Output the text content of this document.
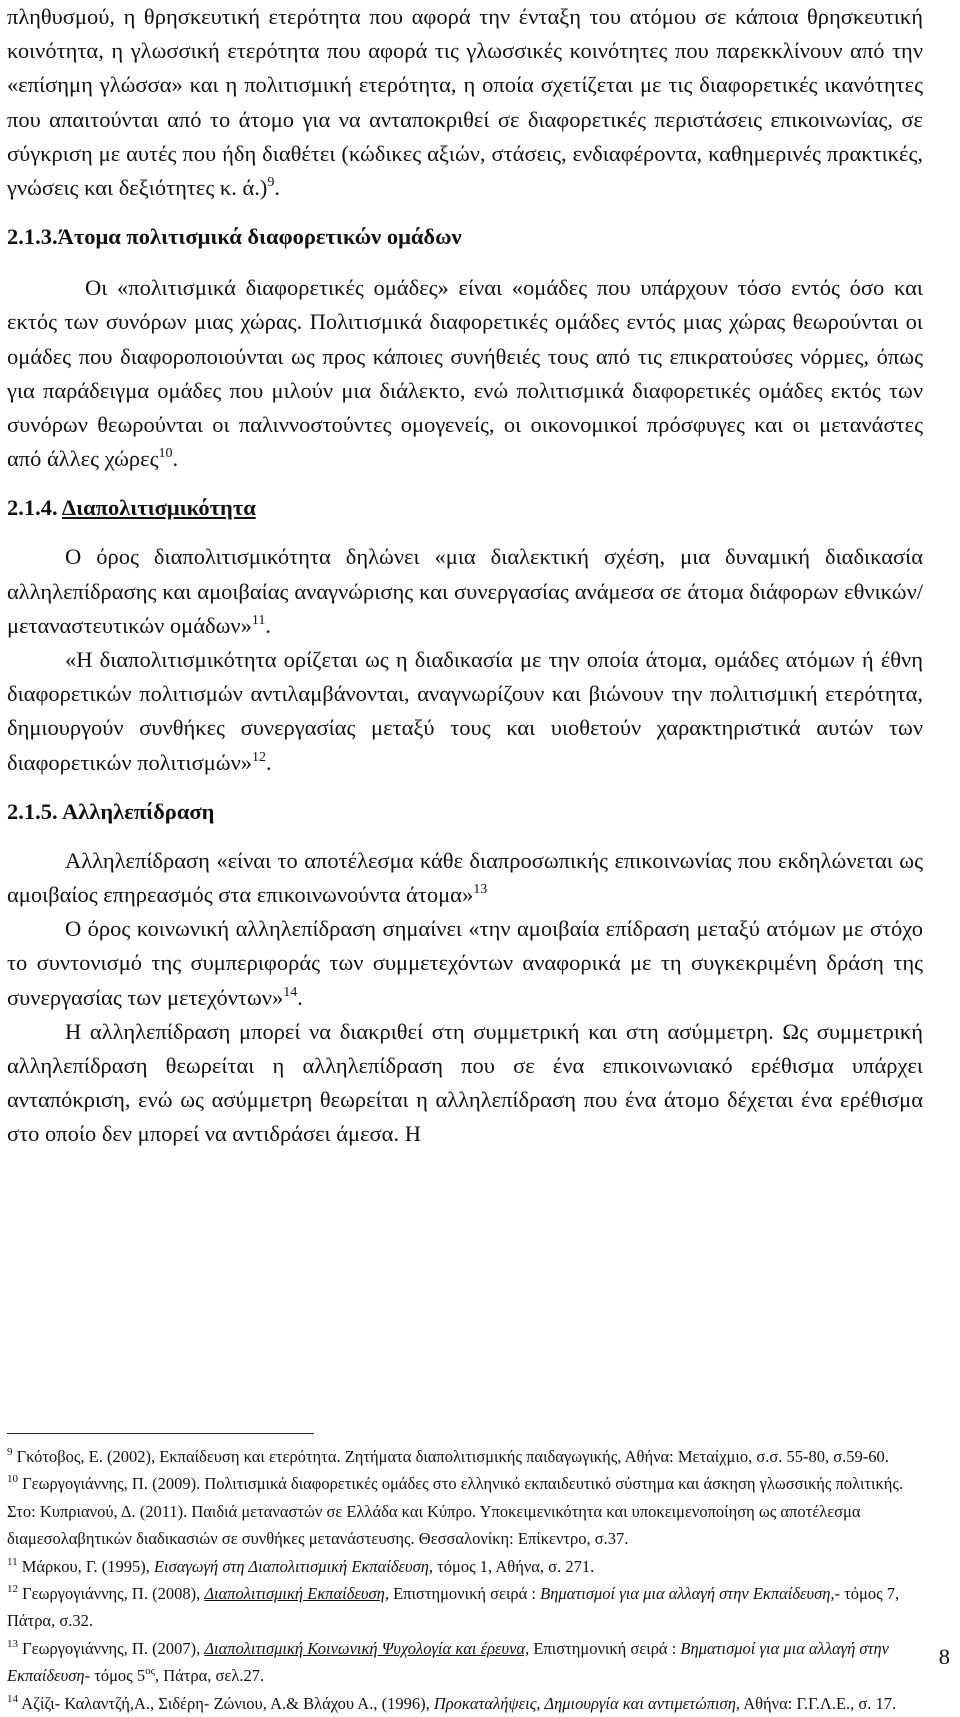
πληθυσμού, η θρησκευτική ετερότητα που αφορά την ένταξη του ατόμου σε κάποια θρησκευτική κοινότητα, η γλωσσική ετερότητα που αφορά τις γλωσσικές κοινότητες που παρεκκλίνουν από την «επίσημη γλώσσα» και η πολιτισμική ετερότητα, η οποία σχετίζεται με τις διαφορετικές ικανότητες που απαιτούνται από το άτομο για να ανταποκριθεί σε διαφορετικές περιστάσεις επικοινωνίας, σε σύγκριση με αυτές που ήδη διαθέτει (κώδικες αξιών, στάσεις, ενδιαφέροντα, καθημερινές πρακτικές, γνώσεις και δεξιότητες κ. ά.)$^9$.

2.1.3.Άτομα πολιτισμικά διαφορετικών ομάδων

Οι «πολιτισμικά διαφορετικές ομάδες» είναι «ομάδες που υπάρχουν τόσο εντός όσο και εκτός των συνόρων μιας χώρας. Πολιτισμικά διαφορετικές ομάδες εντός μιας χώρας θεωρούνται οι ομάδες που διαφοροποιούνται ως προς κάποιες συνήθειές τους από τις επικρατούσες νόρμες, όπως για παράδειγμα ομάδες που μιλούν μια διάλεκτο, ενώ πολιτισμικά διαφορετικές ομάδες εκτός των συνόρων θεωρούνται οι παλιννοστούντες ομογενείς, οι οικονομικοί πρόσφυγες και οι μετανάστες από άλλες χώρες$^{10}$.

2.1.4. Διαπολιτισμικότητα

Ο όρος διαπολιτισμικότητα δηλώνει «μια διαλεκτική σχέση, μια δυναμική διαδικασία αλληλεπίδρασης και αμοιβαίας αναγνώρισης και συνεργασίας ανάμεσα σε άτομα διάφορων εθνικών/ μεταναστευτικών ομάδων»$^{11}$.

«Η διαπολιτισμικότητα ορίζεται ως η διαδικασία με την οποία άτομα, ομάδες ατόμων ή έθνη διαφορετικών πολιτισμών αντιλαμβάνονται, αναγνωρίζουν και βιώνουν την πολιτισμική ετερότητα, δημιουργούν συνθήκες συνεργασίας μεταξύ τους και υιοθετούν χαρακτηριστικά αυτών των διαφορετικών πολιτισμών»$^{12}$.

2.1.5. Αλληλεπίδραση

Αλληλεπίδραση «είναι το αποτέλεσμα κάθε διαπροσωπικής επικοινωνίας που εκδηλώνεται ως αμοιβαίος επηρεασμός στα επικοινωνούντα άτομα»$^{13}$

Ο όρος κοινωνική αλληλεπίδραση σημαίνει «την αμοιβαία επίδραση μεταξύ ατόμων με στόχο το συντονισμό της συμπεριφοράς των συμμετεχόντων αναφορικά με τη συγκεκριμένη δράση της συνεργασίας των μετεχόντων»$^{14}$.

Η αλληλεπίδραση μπορεί να διακριθεί στη συμμετρική και στη ασύμμετρη. Ως συμμετρική αλληλεπίδραση θεωρείται η αλληλεπίδραση που σε ένα επικοινωνιακό ερέθισμα υπάρχει ανταπόκριση, ενώ ως ασύμμετρη θεωρείται η αλληλεπίδραση που ένα άτομο δέχεται ένα ερέθισμα στο οποίο δεν μπορεί να αντιδράσει άμεσα. Η

$^9$ Γκότοβος, Ε. (2002), Εκπαίδευση και ετερότητα. Ζητήματα διαπολιτισμικής παιδαγωγικής, Αθήνα: Μεταίχμιο, σ.σ. 55-80, σ.59-60.

$^{10}$ Γεωργογιάννης, Π. (2009). Πολιτισμικά διαφορετικές ομάδες στο ελληνικό εκπαιδευτικό σύστημα και άσκηση γλωσσικής πολιτικής. Στο: Κυπριανού, Δ. (2011). Παιδιά μεταναστών σε Ελλάδα και Κύπρο. Υποκειμενικότητα και υποκειμενοποίηση ως αποτέλεσμα διαμεσολαβητικών διαδικασιών σε συνθήκες μετανάστευσης. Θεσσαλονίκη: Επίκεντρο, σ.37.

$^{11}$ Μάρκου, Γ. (1995), Εισαγωγή στη Διαπολιτισμική Εκπαίδευση, τόμος 1, Αθήνα, σ. 271.

$^{12}$ Γεωργογιάννης, Π. (2008), Διαπολιτισμική Εκπαίδευση, Επιστημονική σειρά : Βηματισμοί για μια αλλαγή στην Εκπαίδευση,- τόμος 7, Πάτρα, σ.32.

$^{13}$ Γεωργογιάννης, Π. (2007), Διαπολιτισμική Κοινωνική Ψυχολογία και έρευνα, Επιστημονική σειρά : Βηματισμοί για μια αλλαγή στην Εκπαίδευση- τόμος $5^{o\varsigma}$, Πάτρα, σελ.27.

$^{14}$ Αζίζι- Καλαντζή,Α., Σιδέρη- Ζώνιου, Α.& Βλάχου Α., (1996), Προκαταλήψεις, Δημιουργία και αντιμετώπιση, Αθήνα: Γ.Γ.Λ.Ε., σ. 17.

8
